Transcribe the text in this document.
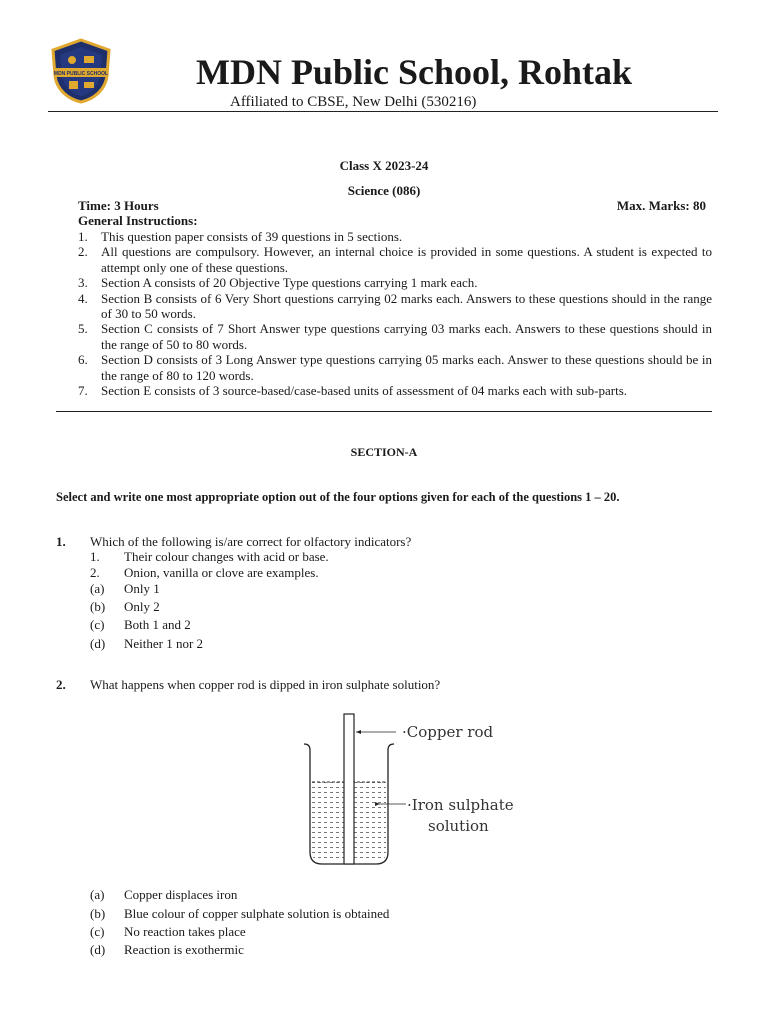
MDN PUBLIC SCHOOL	MDN Public School, Rohtak
Affiliated to CBSE, New Delhi (530216)
Class X 2023-24
Science (086)
Time: 3 Hours	Max. Marks: 80
General Instructions:
1.	This question paper consists of 39 questions in 5 sections.
2.	All questions are compulsory. However, an internal choice is provided in some questions. A student is expected to attempt only one of these questions.
3.	Section A consists of 20 Objective Type questions carrying 1 mark each.
4.	Section B consists of 6 Very Short questions carrying 02 marks each. Answers to these questions should in the range of 30 to 50 words.
5.	Section C consists of 7 Short Answer type questions carrying 03 marks each. Answers to these questions should in the range of 50 to 80 words.
6.	Section D consists of 3 Long Answer type questions carrying 05 marks each. Answer to these questions should be in the range of 80 to 120 words.
7.	Section E consists of 3 source-based/case-based units of assessment of 04 marks each with sub-parts.
SECTION-A
Select and write one most appropriate option out of the four options given for each of the questions 1 – 20.
1. Which of the following is/are correct for olfactory indicators?
1. Their colour changes with acid or base.
2. Onion, vanilla or clove are examples.
(a) Only 1
(b) Only 2
(c) Both 1 and 2
(d) Neither 1 nor 2
2. What happens when copper rod is dipped in iron sulphate solution?
·Copper rod
·Iron sulphate
solution
(a) Copper displaces iron
(b) Blue colour of copper sulphate solution is obtained
(c) No reaction takes place
(d) Reaction is exothermic
